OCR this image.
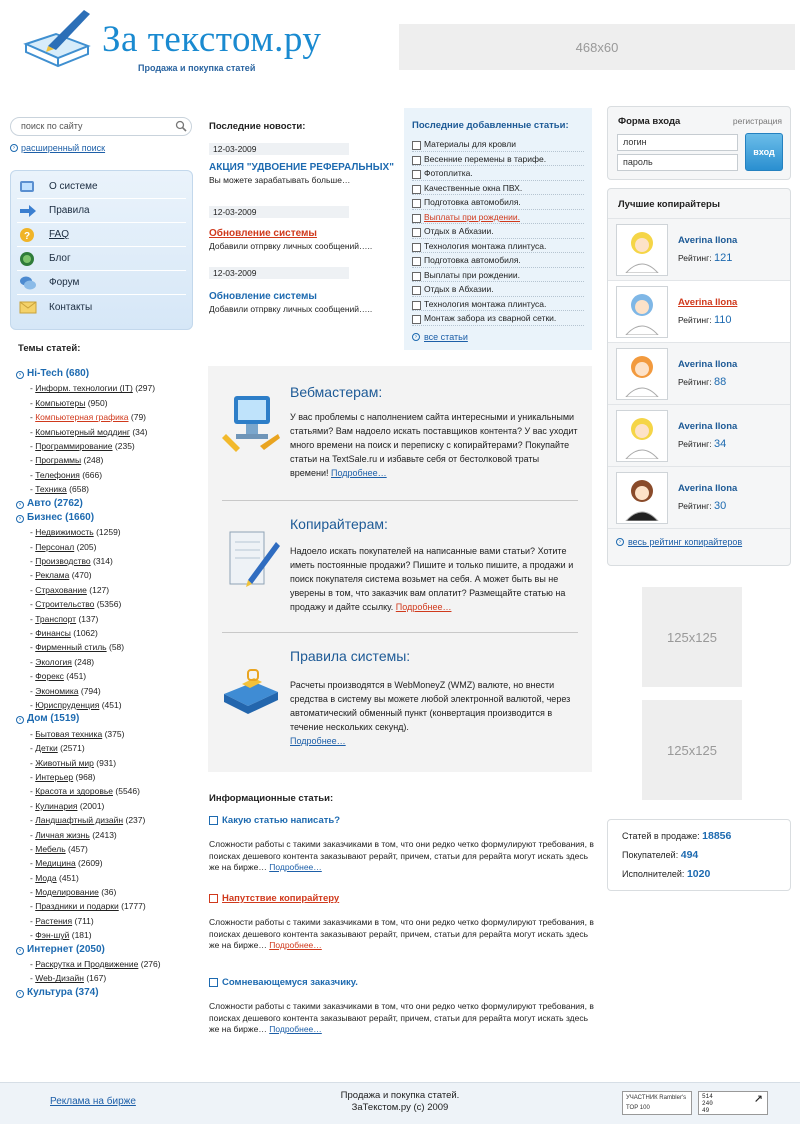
За текстом.ру
Продажа и покупка статей
468x60
поиск по сайту
› расширенный поиск
О системе
Правила
? FAQ
Блог
Форум
Контакты
Темы статей:
› Hi-Tech (680)
- Информ. технологии (IT) (297)
- Компьютеры (950)
- Компьютерная графика (79)
- Компьютерный моддинг (34)
- Программирование (235)
- Программы (248)
- Телефония (666)
- Техника (658)
› Авто (2762)
› Бизнес (1660)
- Недвижимость (1259)
- Персонал (205)
- Производство (314)
- Реклама (470)
- Страхование (127)
- Строительство (5356)
- Транспорт (137)
- Финансы (1062)
- Фирменный стиль (58)
- Экология (248)
- Форекс (451)
- Экономика (794)
- Юриспруденция (451)
› Дом (1519)
- Бытовая техника (375)
- Детки (2571)
- Животный мир (931)
- Интерьер (968)
- Красота и здоровье (5546)
- Кулинария (2001)
- Ландшафтный дизайн (237)
- Личная жизнь (2413)
- Мебель (457)
- Медицина (2609)
- Мода (451)
- Моделирование (36)
- Праздники и подарки (1777)
- Растения (711)
- Фэн-шуй (181)
› Интернет (2050)
- Раскрутка и Продвижение (276)
- Web-Дизайн (167)
› Культура (374)
Последние новости:
12-03-2009
АКЦИЯ "УДВОЕНИЕ РЕФЕРАЛЬНЫХ"
Вы можете зарабатывать больше…
12-03-2009
Обновление системы
Добавили отпрвку личных сообщений…..
12-03-2009
Обновление системы
Добавили отпрвку личных сообщений…..
Последние добавленные статьи:
Материалы для кровли
Весенние перемены в тарифе.
Фотоплитка.
Качественные окна ПВХ.
Подготовка автомобиля.
Выплаты при рождении.
Отдых в Абхазии.
Технология монтажа плинтуса.
Подготовка автомобиля.
Выплаты при рождении.
Отдых в Абхазии.
Технология монтажа плинтуса.
Монтаж забора из сварной сетки.
› все статьи
Вебмастерам:
У вас проблемы с наполнением сайта интересными и уникальными статьями? Вам надоело искать поставщиков контента? У вас уходит много времени на поиск и переписку с копирайтерами? Покупайте статьи на TextSale.ru и избавьте себя от бестолковой траты времени! Подробнее…
Копирайтерам:
Надоело искать покупателей на написанные вами статьи? Хотите иметь постоянные продажи? Пишите и только пишите, а продажи и поиск покупателя система возьмет на себя. А может быть вы не уверены в том, что заказчик вам оплатит? Размещайте статью на продажу и дайте ссылку. Подробнее…
Правила системы:
Расчеты производятся в WebMoneyZ (WMZ) валюте, но внести средства в систему вы можете любой электронной валютой, через автоматический обменный пункт (конвертация производится в течение нескольких секунд).
Подробнее…
Информационные статьи:
Какую статью написать?
Сложности работы с такими заказчиками в том, что они редко четко формулируют требования, в поисках дешевого контента заказывают рерайт, причем, статьи для рерайта могут искать здесь же на бирже… Подробнее…
Напутствие копирайтеру
Сложности работы с такими заказчиками в том, что они редко четко формулируют требования, в поисках дешевого контента заказывают рерайт, причем, статьи для рерайта могут искать здесь же на бирже… Подробнее…
Сомневающемуся заказчику.
Сложности работы с такими заказчиками в том, что они редко четко формулируют требования, в поисках дешевого контента заказывают рерайт, причем, статьи для рерайта могут искать здесь же на бирже… Подробнее…
Форма входа	регистрация
логин
пароль
вход
Лучшие копирайтеры
Averina Ilona
Рейтинг: 121
Averina Ilona
Рейтинг: 110
Averina Ilona
Рейтинг: 88
Averina Ilona
Рейтинг: 34
Averina Ilona
Рейтинг: 30
› весь рейтинг копирайтеров
125x125
125x125
Статей в продаже: 18856
Покупателей: 494
Исполнителей: 1020
Реклама на бирже
Продажа и покупка статей.
ЗаТекстом.ру (с) 2009
УЧАСТНИК Rambler's TOP 100
514
240
49
↗
